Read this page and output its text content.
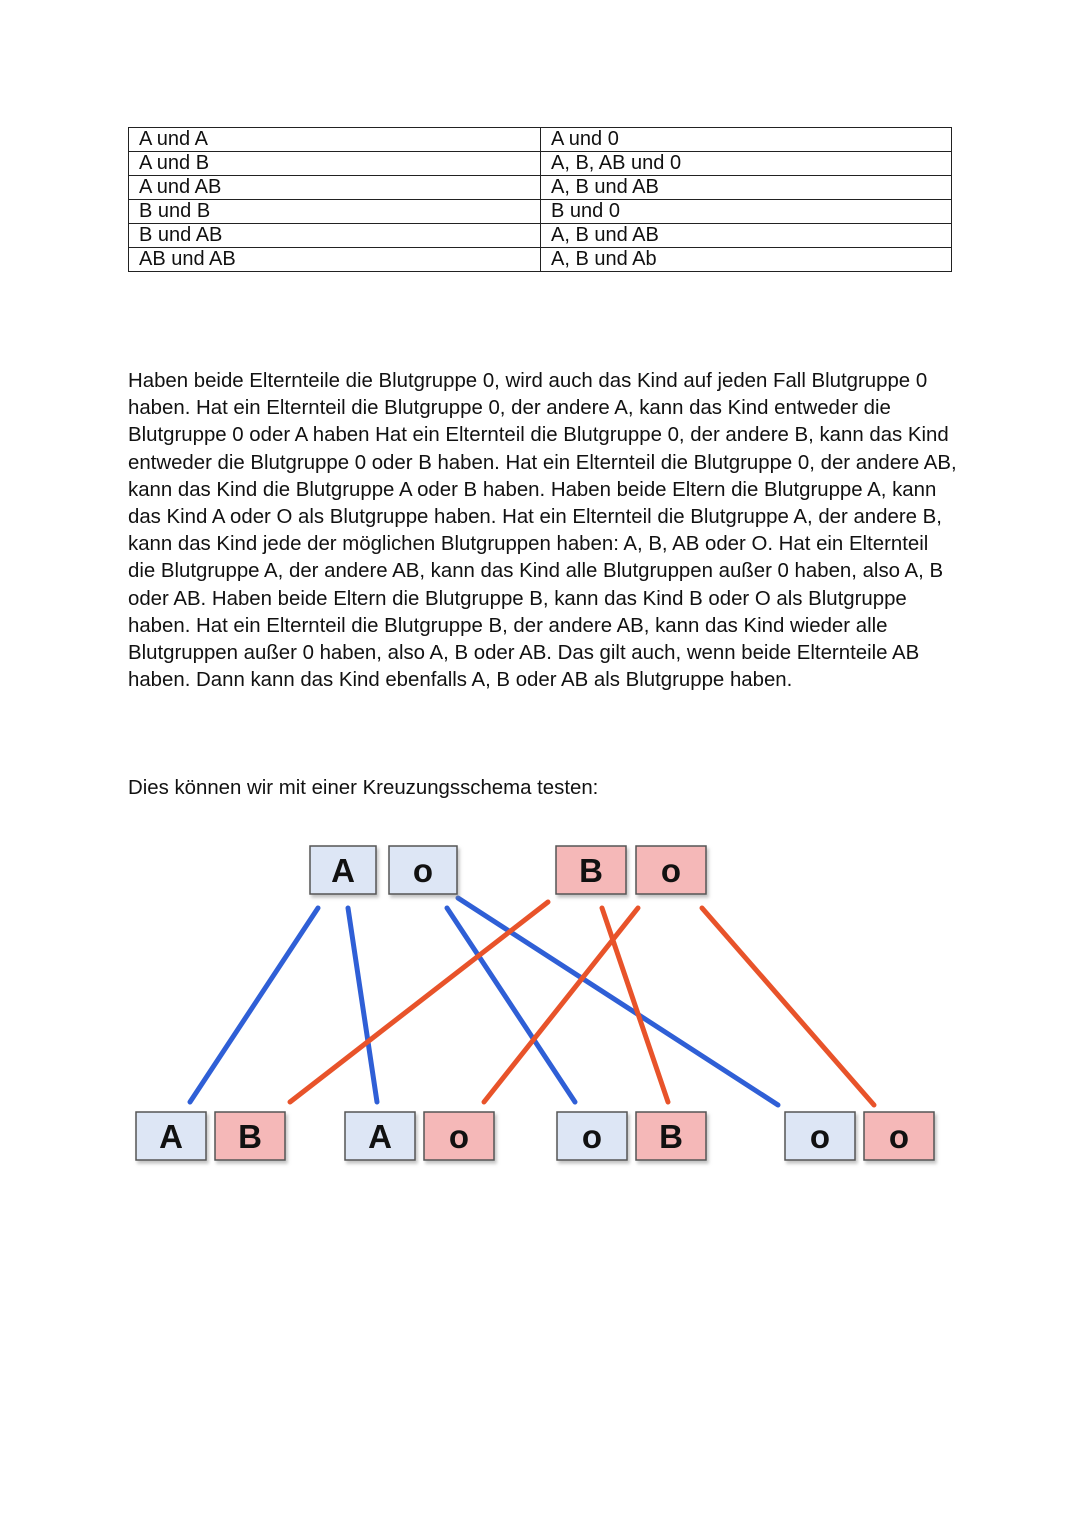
A und A	A und 0
A und B	A, B, AB und 0
A und AB	A, B und AB
B und B	B und 0
B und AB	A, B und AB
AB und AB	A, B und Ab

Haben beide Elternteile die Blutgruppe 0, wird auch das Kind auf jeden Fall Blutgruppe 0 haben. Hat ein Elternteil die Blutgruppe 0, der andere A, kann das Kind entweder die Blutgruppe 0 oder A haben Hat ein Elternteil die Blutgruppe 0, der andere B, kann das Kind entweder die Blutgruppe 0 oder B haben. Hat ein Elternteil die Blutgruppe 0, der andere AB, kann das Kind die Blutgruppe A oder B haben. Haben beide Eltern die Blutgruppe A, kann das Kind A oder O als Blutgruppe haben. Hat ein Elternteil die Blutgruppe A, der andere B, kann das Kind jede der möglichen Blutgruppen haben: A, B, AB oder O. Hat ein Elternteil die Blutgruppe A, der andere AB, kann das Kind alle Blutgruppen außer 0 haben, also A, B oder AB. Haben beide Eltern die Blutgruppe B, kann das Kind B oder O als Blutgruppe haben. Hat ein Elternteil die Blutgruppe B, der andere AB, kann das Kind wieder alle Blutgruppen außer 0 haben, also A, B oder AB. Das gilt auch, wenn beide Elternteile AB haben. Dann kann das Kind ebenfalls A, B oder AB als Blutgruppe haben.

Dies können wir mit einer Kreuzungsschema testen:

A o	B o
A B	A o	o B	o o
